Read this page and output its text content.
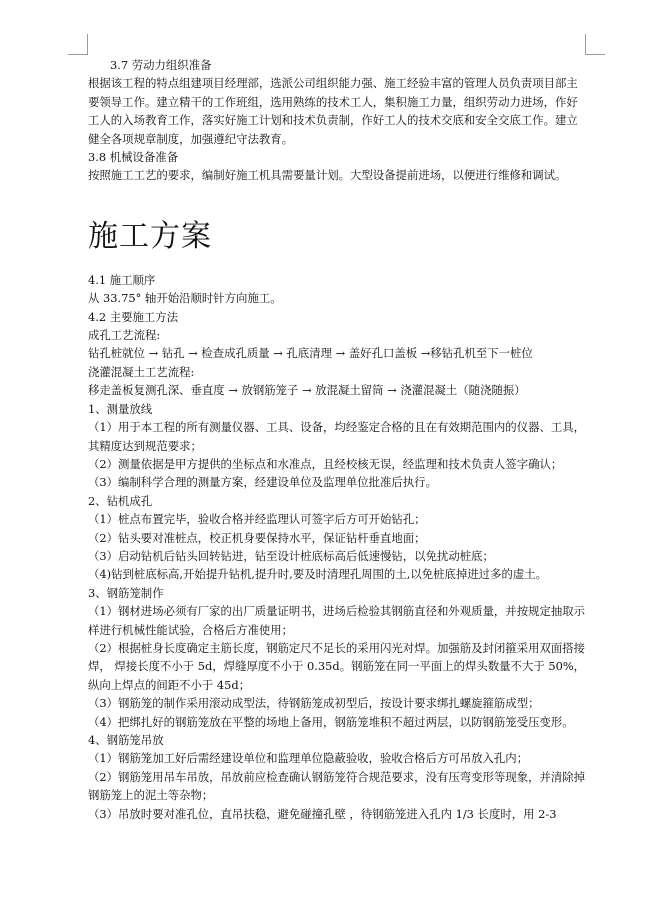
3.7 劳动力组织准备

根据该工程的特点组建项目经理部，选派公司组织能力强、施工经验丰富的管理人员负责项目部主要领导工作。建立精干的工作班组，选用熟练的技术工人，集积施工力量，组织劳动力进场，作好工人的入场教育工作，落实好施工计划和技术负责制，作好工人的技术交底和安全交底工作。建立健全各项规章制度，加强遵纪守法教育。

3.8 机械设备准备

按照施工工艺的要求，编制好施工机具需要量计划。大型设备提前进场，以便进行维修和调试。

施工方案

4.1 施工顺序

从 33.75° 轴开始沿顺时针方向施工。

4.2 主要施工方法

成孔工艺流程:

钻孔桩就位 → 钻孔 → 检查成孔质量 → 孔底清理 → 盖好孔口盖板 →移钻孔机至下一桩位

浇灌混凝土工艺流程:

移走盖板复测孔深、垂直度 → 放钢筋笼子 → 放混凝土留筒 → 浇灌混凝土（随浇随振）

1、测量放线

（1）用于本工程的所有测量仪器、工具、设备，均经鉴定合格的且在有效期范围内的仪器、工具，其精度达到规范要求；

（2）测量依据是甲方提供的坐标点和水准点，且经校核无误，经监理和技术负责人签字确认；

（3）编制科学合理的测量方案，经建设单位及监理单位批准后执行。

2、钻机成孔

（1）桩点布置完毕，验收合格并经监理认可签字后方可开始钻孔；

（2）钻头要对准桩点，校正机身要保持水平，保证钻杆垂直地面；

（3）启动钻机后钻头回转钻进，钻至设计桩底标高后低速慢钻，以免扰动桩底；

（4)钻到桩底标高,开始提升钻机,提升时,要及时清理孔周围的土,以免桩底掉进过多的虚土。

3、钢筋笼制作

（1）钢材进场必须有厂家的出厂质量证明书，进场后检验其钢筋直径和外观质量，并按规定抽取示样进行机械性能试验，合格后方准使用；

（2）根据桩身长度确定主筋长度，钢筋定尺不足长的采用闪光对焊。加强筋及封闭箍采用双面搭接焊， 焊接长度不小于 5d，焊缝厚度不小于 0.35d。钢筋笼在同一平面上的焊头数量不大于 50%，纵向上焊点的间距不小于 45d；

（3）钢筋笼的制作采用滚动成型法，待钢筋笼成初型后，按设计要求绑扎螺旋箍筋成型；

（4）把绑扎好的钢筋笼放在平整的场地上备用，钢筋笼堆积不超过两层，以防钢筋笼受压变形。

4、钢筋笼吊放

（1）钢筋笼加工好后需经建设单位和监理单位隐蔽验收，验收合格后方可吊放入孔内；

（2）钢筋笼用吊车吊放，吊放前应检查确认钢筋笼符合规范要求，没有压弯变形等现象，并清除掉钢筋笼上的泥土等杂物；

（3）吊放时要对准孔位，直吊扶稳，避免碰撞孔壁 ，待钢筋笼进入孔内 1/3 长度时，用 2-3
